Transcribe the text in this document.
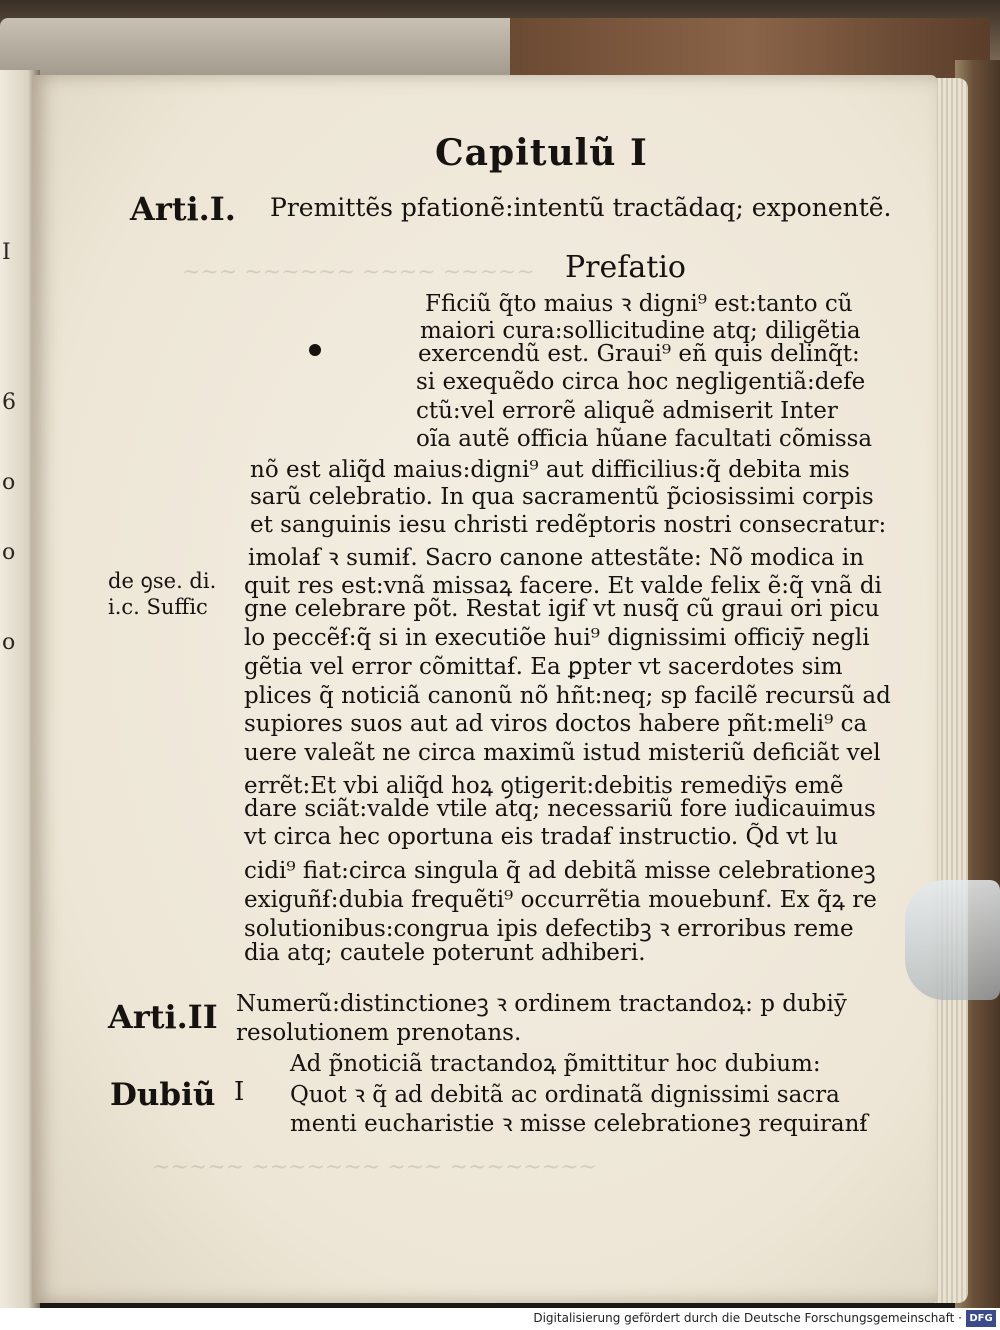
I
6
o
o
o
~~~ ~~~~~~ ~~~~ ~~~~~
~~~~~ ~~~~~~~ ~~~ ~~~~~~~~
Capitulũ I
Arti.I. Premittẽs pfationẽ:intentũ tractãdaq; exponentẽ.
Prefatio
Fficiũ q̃to maius ꝛ digni⁹ est:tanto cũ
maiori cura:sollicitudine atq; diligẽtia
exercendũ est. Graui⁹ eñ quis delinq̃t:
si exequẽdo circa hoc negligentiã:defe
ctũ:vel errorẽ aliquẽ admiserit Inter
oĩa autẽ officia hũane facultati cõmissa
nõ est aliq̃d maius:digni⁹ aut difficilius:q̃ debita mis
sarũ celebratio. In qua sacramentũ p̃ciosissimi corpis
et sanguinis iesu christi redẽptoris nostri consecratur:
imolaẜ ꝛ sumiẜ. Sacro canone attestãte: Nõ modica in
quit res est:vnã missaꝝ facere. Et valde felix ẽ:q̃ vnã di
gne celebrare põt. Restat igiẜ vt nusq̃ cũ graui ori picu
lo peccẽẜ:q̃ si in executiõe hui⁹ dignissimi officiȳ negli
gẽtia vel error cõmittaẜ. Ea ꝑpter vt sacerdotes sim
plices q̃ noticiã canonũ nõ hñt:neq; sp facilẽ recursũ ad
supiores suos aut ad viros doctos habere pñt:meli⁹ ca
uere valeãt ne circa maximũ istud misteriũ deficiãt vel
errẽt:Et vbi aliq̃d hoꝝ ꝯtigerit:debitis remediȳs emẽ
dare sciãt:valde vtile atq; necessariũ fore iudicauimus
vt circa hec oportuna eis tradaẜ instructio. Q̃d vt lu
cidi⁹ fiat:circa singula q̃ ad debitã misse celebrationeꝫ
exiguñẜ:dubia frequẽti⁹ occurrẽtia mouebunẜ. Ex q̃ꝝ re
solutionibus:congrua ipis defectibꝫ ꝛ erroribus reme
dia atq; cautele poterunt adhiberi.
de ꝯse. di.
i.c. Suffic
Arti.II Numerũ:distinctioneꝫ ꝛ ordinem tractandoꝝ: p dubiȳ
resolutionem prenotans.
Dubiũ I
Ad p̃noticiã tractandoꝝ p̃mittitur hoc dubium:
Quot ꝛ q̃ ad debitã ac ordinatã dignissimi sacra
menti eucharistie ꝛ misse celebrationeꝫ requiranẜ
Digitalisierung gefördert durch die Deutsche Forschungsgemeinschaft · DFG
